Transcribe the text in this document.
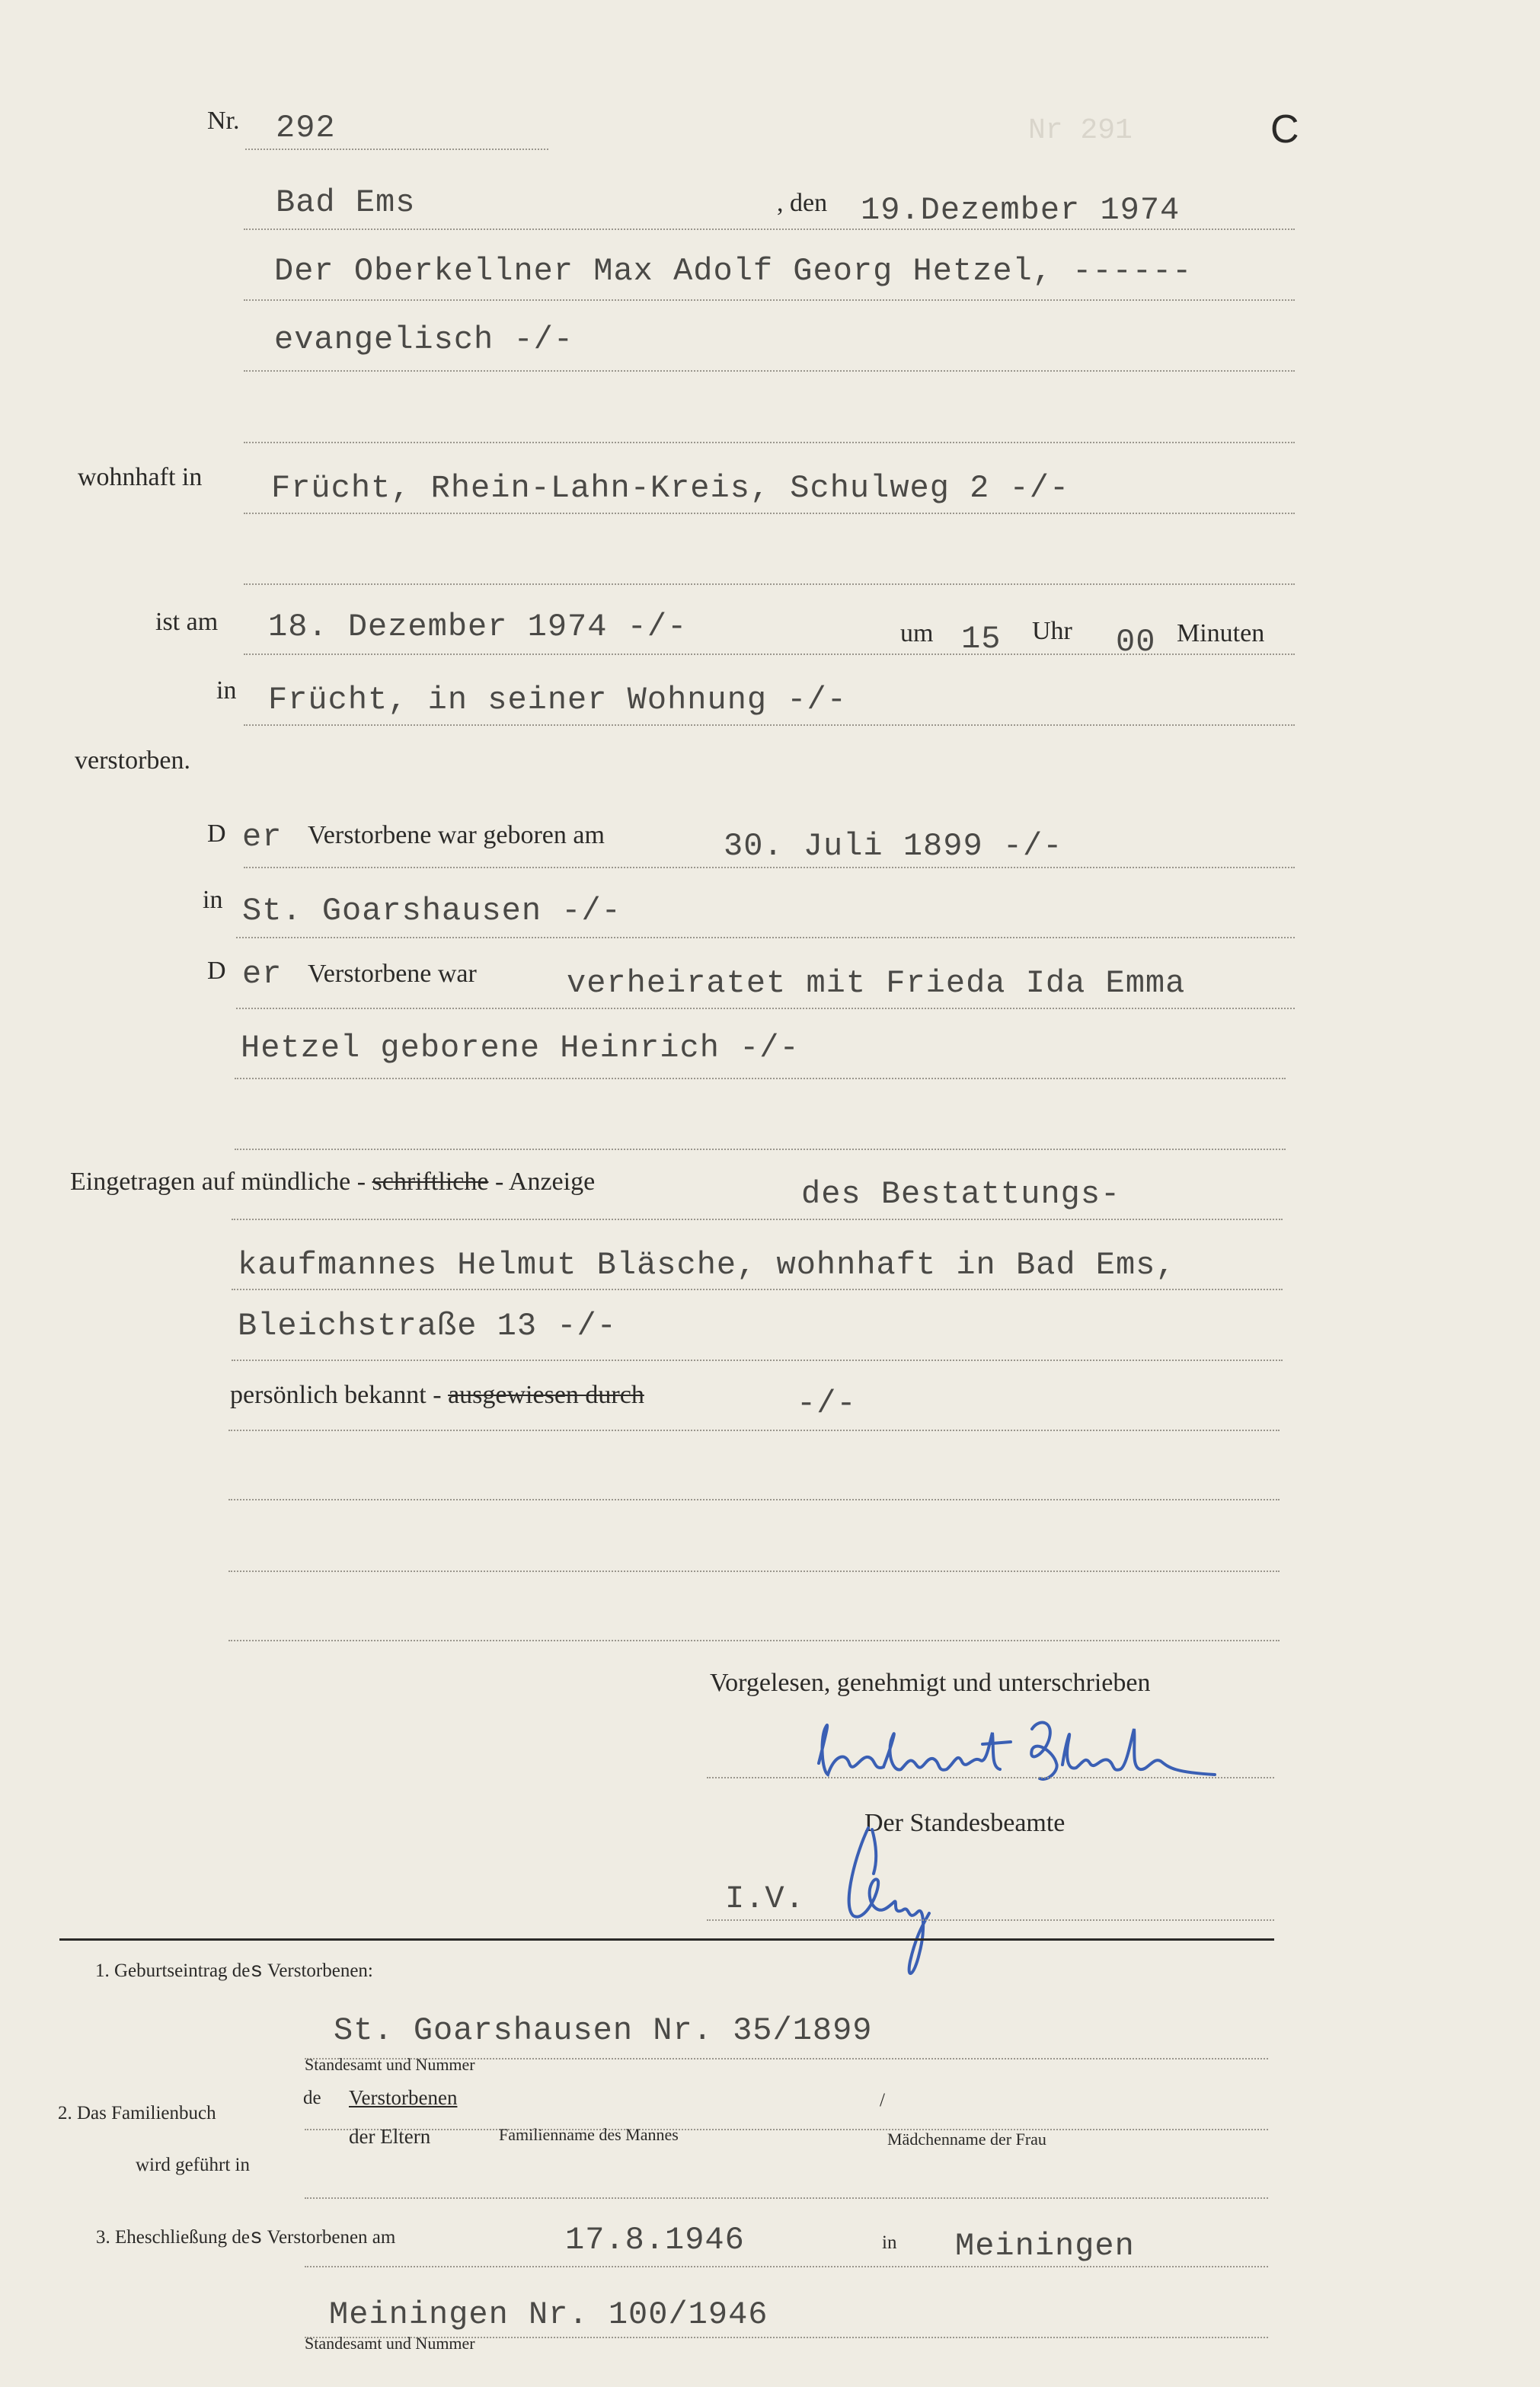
Nr 291	C
Nr. 292
Bad Ems	, den 19.Dezember 1974
Der Oberkellner Max Adolf Georg Hetzel, ------
evangelisch -/-
wohnhaft in Frücht, Rhein-Lahn-Kreis, Schulweg 2 -/-
ist am 18. Dezember 1974 -/-	um 15 Uhr 00 Minuten
in Frücht, in seiner Wohnung -/-
verstorben.
D er Verstorbene war geboren am	30. Juli 1899 -/-
in St. Goarshausen -/-
D er Verstorbene war	verheiratet mit Frieda Ida Emma
Hetzel geborene Heinrich -/-
Eingetragen auf mündliche - schriftliche - Anzeige	des Bestattungs-
kaufmannes Helmut Bläsche, wohnhaft in Bad Ems,
Bleichstraße 13 -/-
persönlich bekannt - ausgewiesen durch	-/-
Vorgelesen, genehmigt und unterschrieben
Der Standesbeamte
I.V.
1. Geburtseintrag des Verstorbenen:
St. Goarshausen Nr. 35/1899
Standesamt und Nummer
2. Das Familienbuch
de Verstorbenen	/
der Eltern	Familienname des Mannes	Mädchenname der Frau
wird geführt in
3. Eheschließung des Verstorbenen am	17.8.1946	in Meiningen
Meiningen Nr. 100/1946
Standesamt und Nummer
